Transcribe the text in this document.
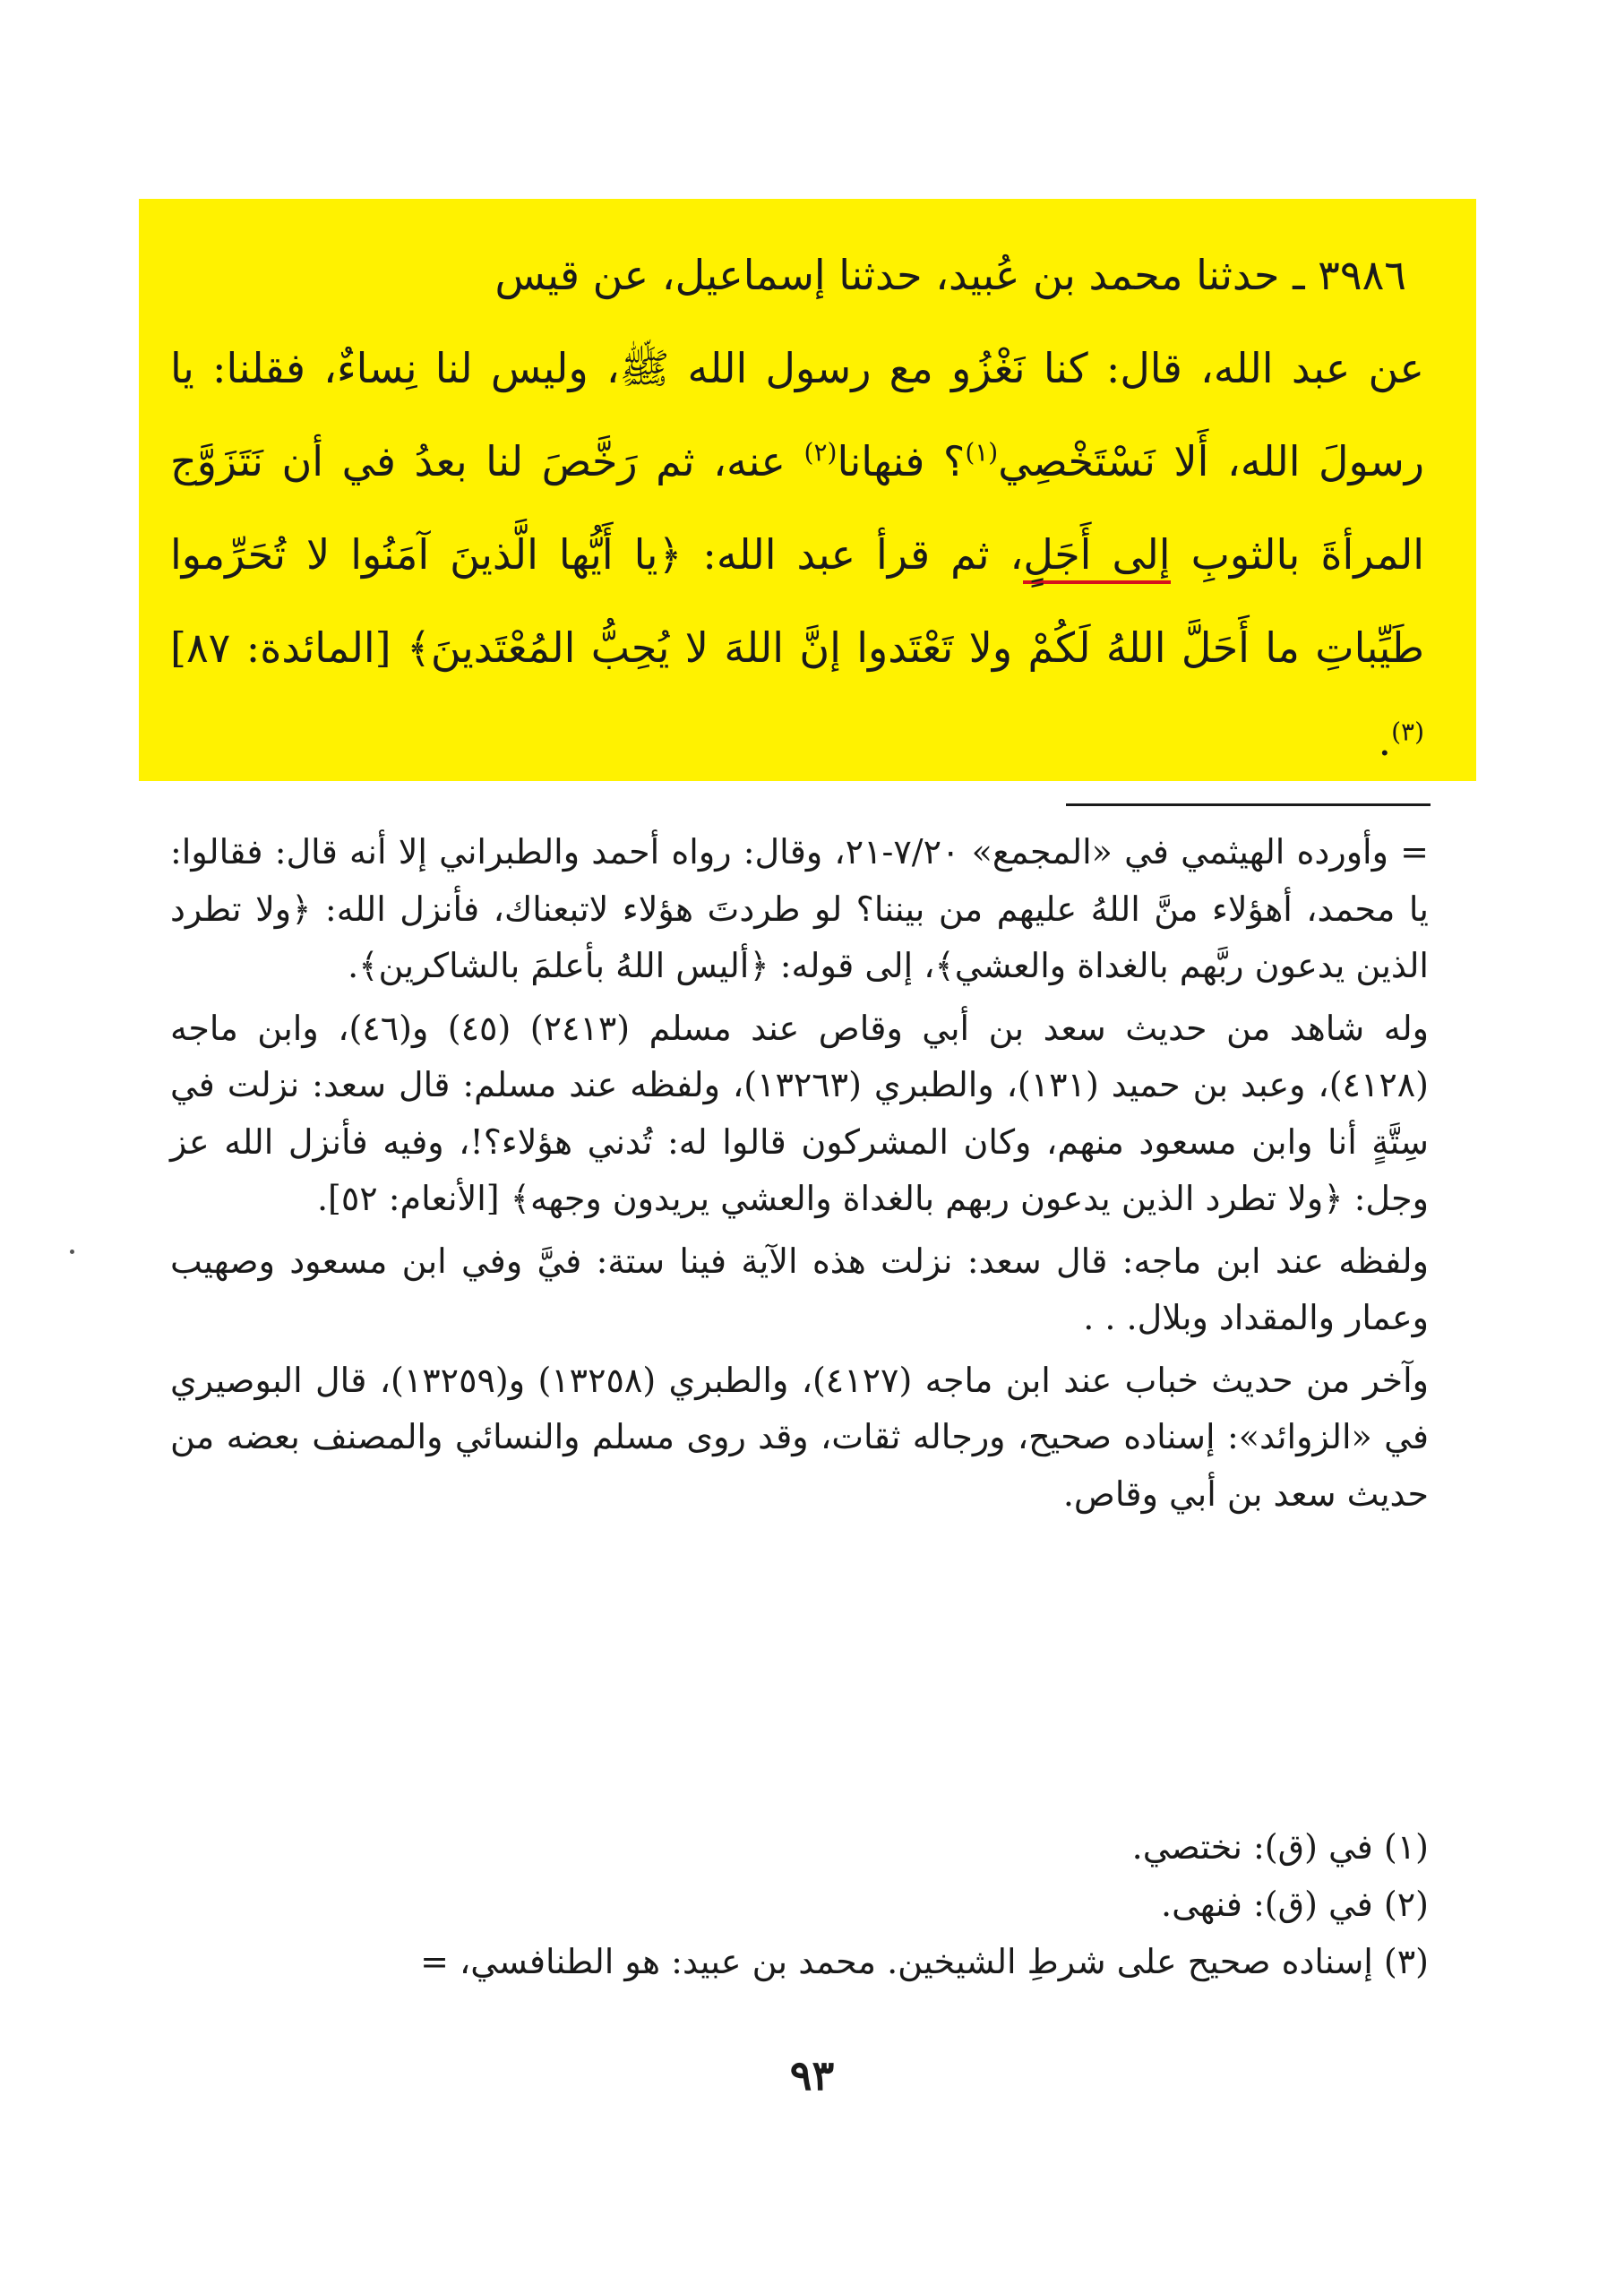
٣٩٨٦ ـ حدثنا محمد بن عُبيد، حدثنا إسماعيل، عن قيس

عن عبد الله، قال: كنا نَغْزُو مع رسول الله ﷺ، وليس لنا نِساءٌ، فقلنا: يا رسولَ الله، أَلا نَسْتَخْصِي$^{(١)}$؟ فنهانا$^{(٢)}$ عنه، ثم رَخَّصَ لنا بعدُ في أن نَتَزَوَّج المرأةَ بالثوبِ إلى أَجَلٍ، ثم قرأ عبد الله: ﴿يا أَيُّها الَّذينَ آمَنُوا لا تُحَرِّموا طَيِّباتِ ما أَحَلَّ اللهُ لَكُمْ ولا تَعْتَدوا إنَّ اللهَ لا يُحِبُّ المُعْتَدينَ﴾ [المائدة: ٨٧]$^{(٣)}$.

= وأورده الهيثمي في «المجمع» ٧/٢٠-٢١، وقال: رواه أحمد والطبراني إلا أنه قال: فقالوا: يا محمد، أهؤلاء منَّ اللهُ عليهم من بيننا؟ لو طردتَ هؤلاء لاتبعناك، فأنزل الله: ﴿ولا تطرد الذين يدعون ربَّهم بالغداة والعشي﴾، إلى قوله: ﴿أليس اللهُ بأعلمَ بالشاكرين﴾.

وله شاهد من حديث سعد بن أبي وقاص عند مسلم (٢٤١٣) (٤٥) و(٤٦)، وابن ماجه (٤١٢٨)، وعبد بن حميد (١٣١)، والطبري (١٣٢٦٣)، ولفظه عند مسلم: قال سعد: نزلت في سِتَّةٍ أنا وابن مسعود منهم، وكان المشركون قالوا له: تُدني هؤلاء؟!، وفيه فأنزل الله عز وجل: ﴿ولا تطرد الذين يدعون ربهم بالغداة والعشي يريدون وجهه﴾ [الأنعام: ٥٢].

ولفظه عند ابن ماجه: قال سعد: نزلت هذه الآية فينا ستة: فيَّ وفي ابن مسعود وصهيب وعمار والمقداد وبلال. . .

وآخر من حديث خباب عند ابن ماجه (٤١٢٧)، والطبري (١٣٢٥٨) و(١٣٢٥٩)، قال البوصيري في «الزوائد»: إسناده صحيح، ورجاله ثقات، وقد روى مسلم والنسائي والمصنف بعضه من حديث سعد بن أبي وقاص.

(١) في (ق): نختصي.

(٢) في (ق): فنهى.

(٣) إسناده صحيح على شرطِ الشيخين. محمد بن عبيد: هو الطنافسي، =

٩٣
